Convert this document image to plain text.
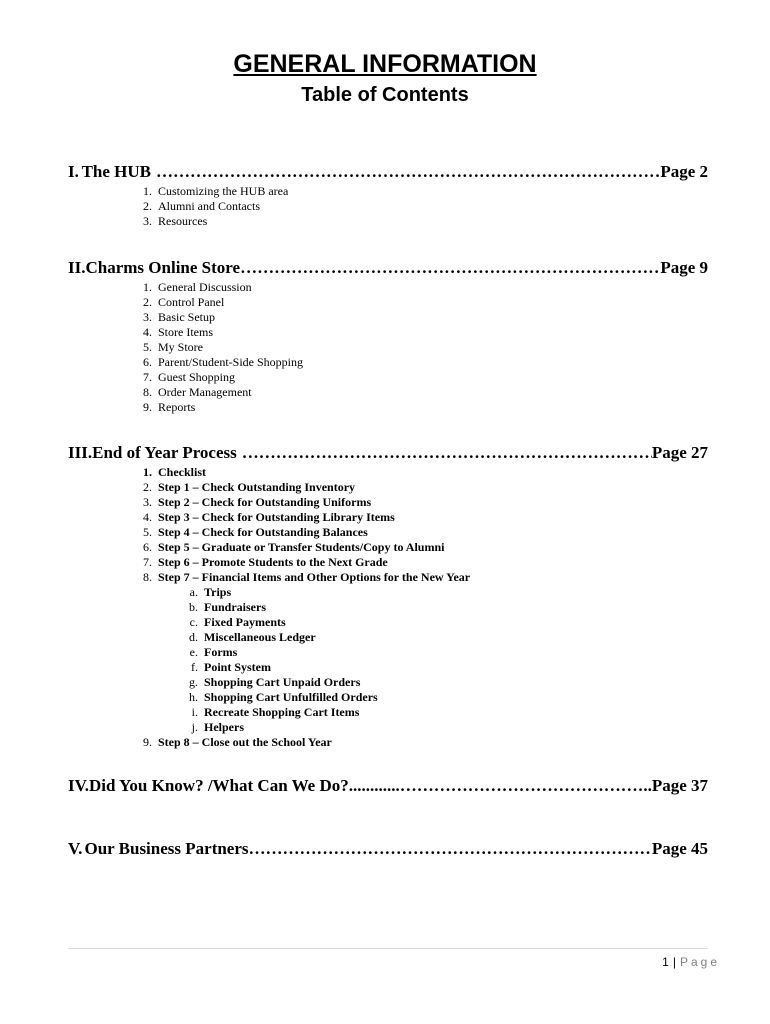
GENERAL INFORMATION
Table of Contents
I. The HUB ……………………………………………………………………………………………………………………………………………………………	Page 2
1. Customizing the HUB area
2. Alumni and Contacts
3. Resources
II. Charms Online Store ……………………………………………………………………………………………………………………………………………………………	Page 9
1. General Discussion
2. Control Panel
3. Basic Setup
4. Store Items
5. My Store
6. Parent/Student-Side Shopping
7. Guest Shopping
8. Order Management
9. Reports
III. End of Year Process ……………………………………………………………………………………………………………………………………………………………	Page 27
1. Checklist
2. Step 1 – Check Outstanding Inventory
3. Step 2 – Check for Outstanding Uniforms
4. Step 3 – Check for Outstanding Library Items
5. Step 4 – Check for Outstanding Balances
6. Step 5 – Graduate or Transfer Students/Copy to Alumni
7. Step 6 – Promote Students to the Next Grade
8. Step 7 – Financial Items and Other Options for the New Year
a. Trips
b. Fundraisers
c. Fixed Payments
d. Miscellaneous Ledger
e. Forms
f. Point System
g. Shopping Cart Unpaid Orders
h. Shopping Cart Unfulfilled Orders
i. Recreate Shopping Cart Items
j. Helpers
9. Step 8 – Close out the School Year
IV. Did You Know? /What Can We Do?............ ……………………………………………………………………………………………………………………………………………………………	..Page 37
V. Our Business Partners ……………………………………………………………………………………………………………………………………………………………	Page 45
1 | Page
